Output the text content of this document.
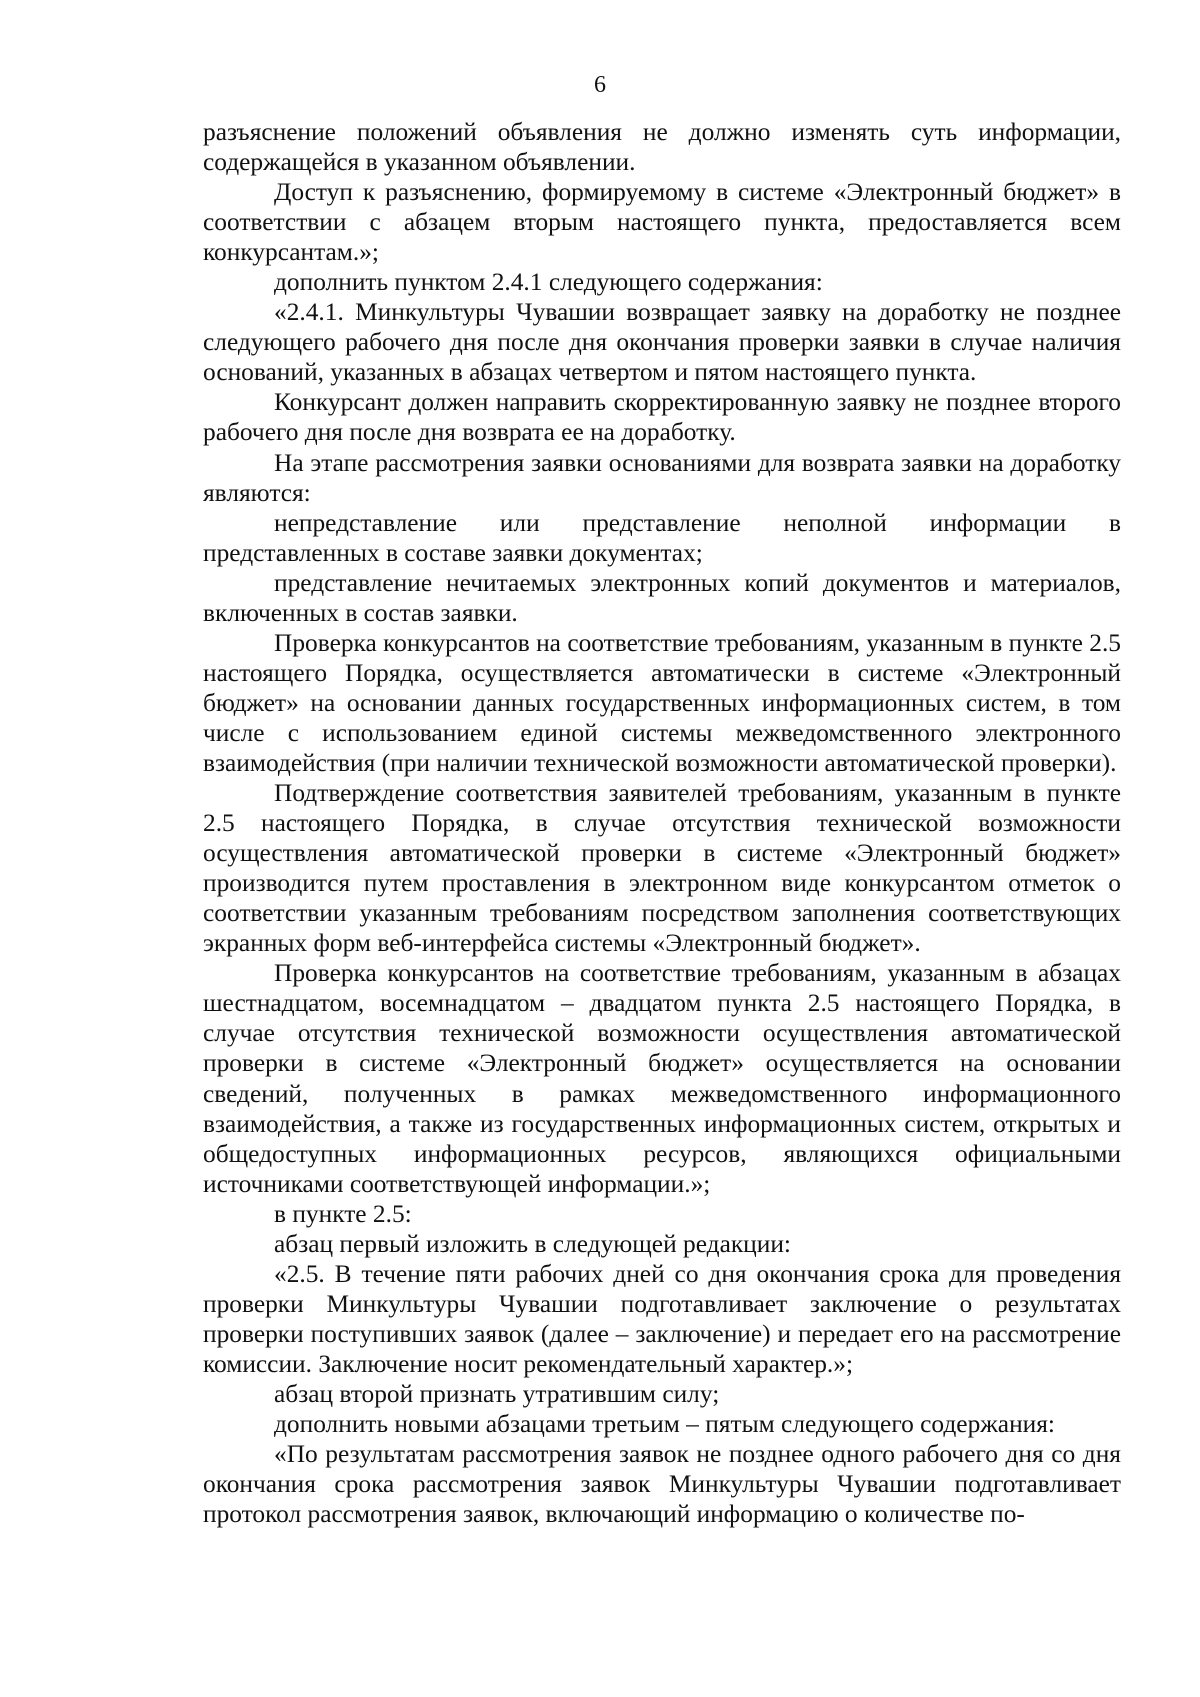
6

разъяснение положений объявления не должно изменять суть информации, содержащейся в указанном объявлении.

Доступ к разъяснению, формируемому в системе «Электронный бюджет» в соответствии с абзацем вторым настоящего пункта, предоставляется всем конкурсантам.»;

дополнить пунктом 2.4.1 следующего содержания:

«2.4.1. Минкультуры Чувашии возвращает заявку на доработку не позднее следующего рабочего дня после дня окончания проверки заявки в случае наличия оснований, указанных в абзацах четвертом и пятом настоящего пункта.

Конкурсант должен направить скорректированную заявку не позднее второго рабочего дня после дня возврата ее на доработку.

На этапе рассмотрения заявки основаниями для возврата заявки на доработку являются:

непредставление или представление неполной информации в представленных в составе заявки документах;

представление нечитаемых электронных копий документов и материалов, включенных в состав заявки.

Проверка конкурсантов на соответствие требованиям, указанным в пункте 2.5 настоящего Порядка, осуществляется автоматически в системе «Электронный бюджет» на основании данных государственных информационных систем, в том числе с использованием единой системы межведомственного электронного взаимодействия (при наличии технической возможности автоматической проверки).

Подтверждение соответствия заявителей требованиям, указанным в пункте 2.5 настоящего Порядка, в случае отсутствия технической возможности осуществления автоматической проверки в системе «Электронный бюджет» производится путем проставления в электронном виде конкурсантом отметок о соответствии указанным требованиям посредством заполнения соответствующих экранных форм веб-интерфейса системы «Электронный бюджет».

Проверка конкурсантов на соответствие требованиям, указанным в абзацах шестнадцатом, восемнадцатом – двадцатом пункта 2.5 настоящего Порядка, в случае отсутствия технической возможности осуществления автоматической проверки в системе «Электронный бюджет» осуществляется на основании сведений, полученных в рамках межведомственного информационного взаимодействия, а также из государственных информационных систем, открытых и общедоступных информационных ресурсов, являющихся официальными источниками соответствующей информации.»;

в пункте 2.5:

абзац первый изложить в следующей редакции:

«2.5. В течение пяти рабочих дней со дня окончания срока для проведения проверки Минкультуры Чувашии подготавливает заключение о результатах проверки поступивших заявок (далее – заключение) и передает его на рассмотрение комиссии. Заключение носит рекомендательный характер.»;

абзац второй признать утратившим силу;

дополнить новыми абзацами третьим – пятым следующего содержания:

«По результатам рассмотрения заявок не позднее одного рабочего дня со дня окончания срока рассмотрения заявок Минкультуры Чувашии подготавливает протокол рассмотрения заявок, включающий информацию о количестве по-
